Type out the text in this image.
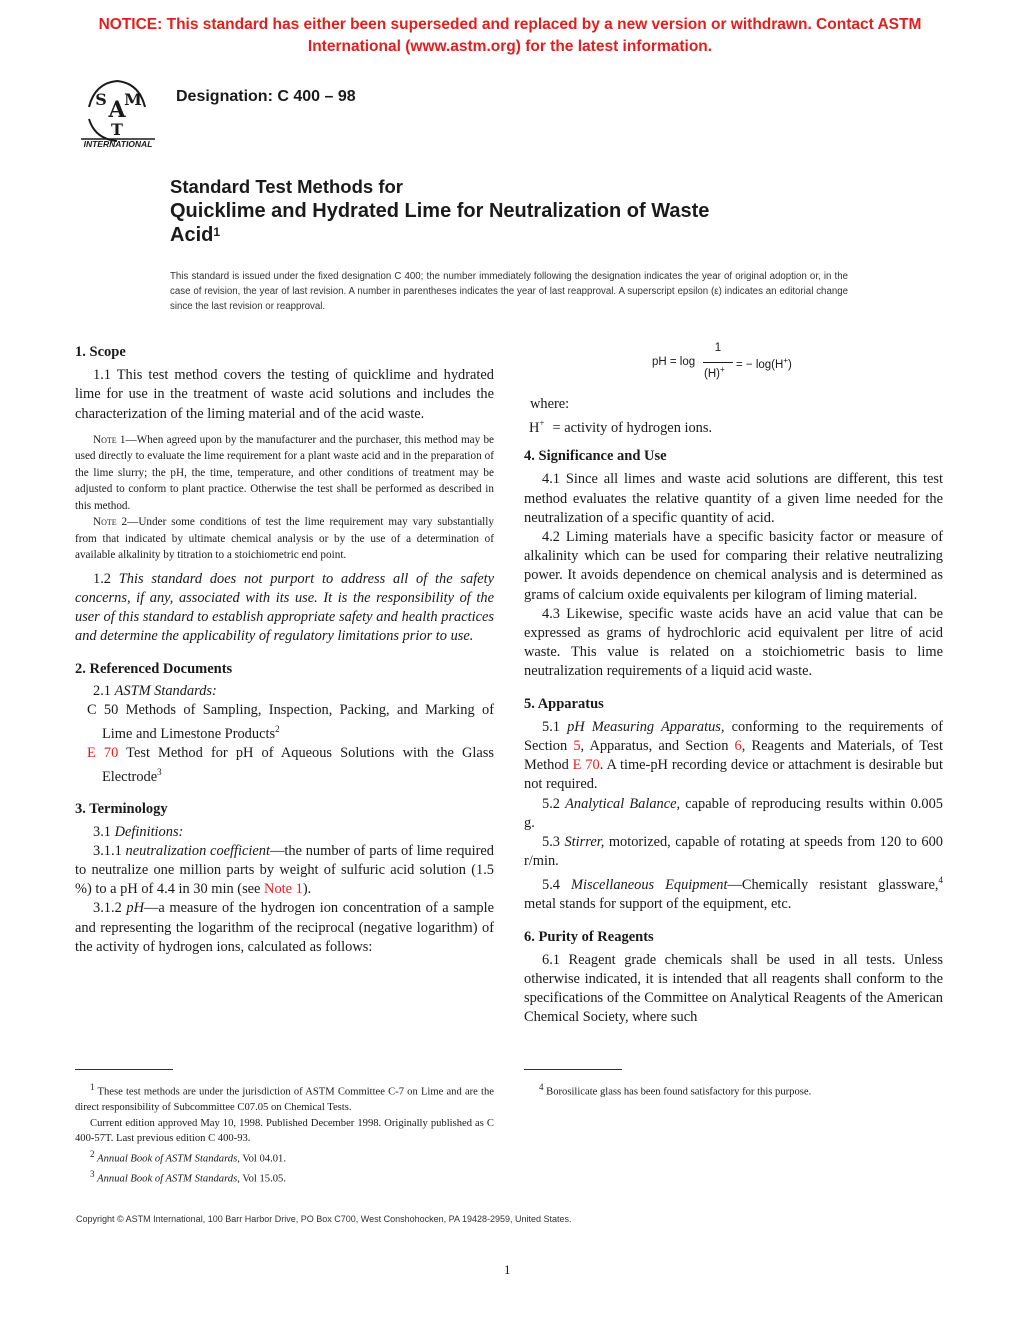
NOTICE: This standard has either been superseded and replaced by a new version or withdrawn. Contact ASTM
International (www.astm.org) for the latest information.
A
S M
T
INTERNATIONAL
Designation: C 400 – 98
Standard Test Methods for
Quicklime and Hydrated Lime for Neutralization of Waste
Acid$^1$
This standard is issued under the fixed designation C 400; the number immediately following the designation indicates the year of original adoption or, in the case of revision, the year of last revision. A number in parentheses indicates the year of last reapproval. A superscript epsilon (ε) indicates an editorial change since the last revision or reapproval.

1. Scope

1.1 This test method covers the testing of quicklime and hydrated lime for use in the treatment of waste acid solutions and includes the characterization of the liming material and of the acid waste.

Note 1—When agreed upon by the manufacturer and the purchaser, this method may be used directly to evaluate the lime requirement for a plant waste acid and in the preparation of the lime slurry; the pH, the time, temperature, and other conditions of treatment may be adjusted to conform to plant practice. Otherwise the test shall be performed as described in this method.

Note 2—Under some conditions of test the lime requirement may vary substantially from that indicated by ultimate chemical analysis or by the use of a determination of available alkalinity by titration to a stoichiometric end point.

1.2 This standard does not purport to address all of the safety concerns, if any, associated with its use. It is the responsibility of the user of this standard to establish appropriate safety and health practices and determine the applicability of regulatory limitations prior to use.

2. Referenced Documents

2.1 ASTM Standards:

C 50 Methods of Sampling, Inspection, Packing, and Marking of Lime and Limestone Products$^2$

E 70 Test Method for pH of Aqueous Solutions with the Glass Electrode$^3$

3. Terminology

3.1 Definitions:

3.1.1 neutralization coefficient—the number of parts of lime required to neutralize one million parts by weight of sulfuric acid solution (1.5 %) to a pH of 4.4 in 30 min (see Note 1).

3.1.2 pH—a measure of the hydrogen ion concentration of a sample and representing the logarithm of the reciprocal (negative logarithm) of the activity of hydrogen ions, calculated as follows:

pH = log
1
(H)+ = − log(H+)

where:

H+ = activity of hydrogen ions.

4. Significance and Use

4.1 Since all limes and waste acid solutions are different, this test method evaluates the relative quantity of a given lime needed for the neutralization of a specific quantity of acid.

4.2 Liming materials have a specific basicity factor or measure of alkalinity which can be used for comparing their relative neutralizing power. It avoids dependence on chemical analysis and is determined as grams of calcium oxide equivalents per kilogram of liming material.

4.3 Likewise, specific waste acids have an acid value that can be expressed as grams of hydrochloric acid equivalent per litre of acid waste. This value is related on a stoichiometric basis to lime neutralization requirements of a liquid acid waste.

5. Apparatus

5.1 pH Measuring Apparatus, conforming to the requirements of Section 5, Apparatus, and Section 6, Reagents and Materials, of Test Method E 70. A time-pH recording device or attachment is desirable but not required.

5.2 Analytical Balance, capable of reproducing results within 0.005 g.

5.3 Stirrer, motorized, capable of rotating at speeds from 120 to 600 r/min.

5.4 Miscellaneous Equipment—Chemically resistant glassware,$^4$ metal stands for support of the equipment, etc.

6. Purity of Reagents

6.1 Reagent grade chemicals shall be used in all tests. Unless otherwise indicated, it is intended that all reagents shall conform to the specifications of the Committee on Analytical Reagents of the American Chemical Society, where such

$^1$ These test methods are under the jurisdiction of ASTM Committee C-7 on Lime and are the direct responsibility of Subcommittee C07.05 on Chemical Tests.
Current edition approved May 10, 1998. Published December 1998. Originally published as C 400-57T. Last previous edition C 400-93.
$^2$ Annual Book of ASTM Standards, Vol 04.01.
$^3$ Annual Book of ASTM Standards, Vol 15.05.
$^4$ Borosilicate glass has been found satisfactory for this purpose.
Copyright © ASTM International, 100 Barr Harbor Drive, PO Box C700, West Conshohocken, PA 19428-2959, United States.
1
